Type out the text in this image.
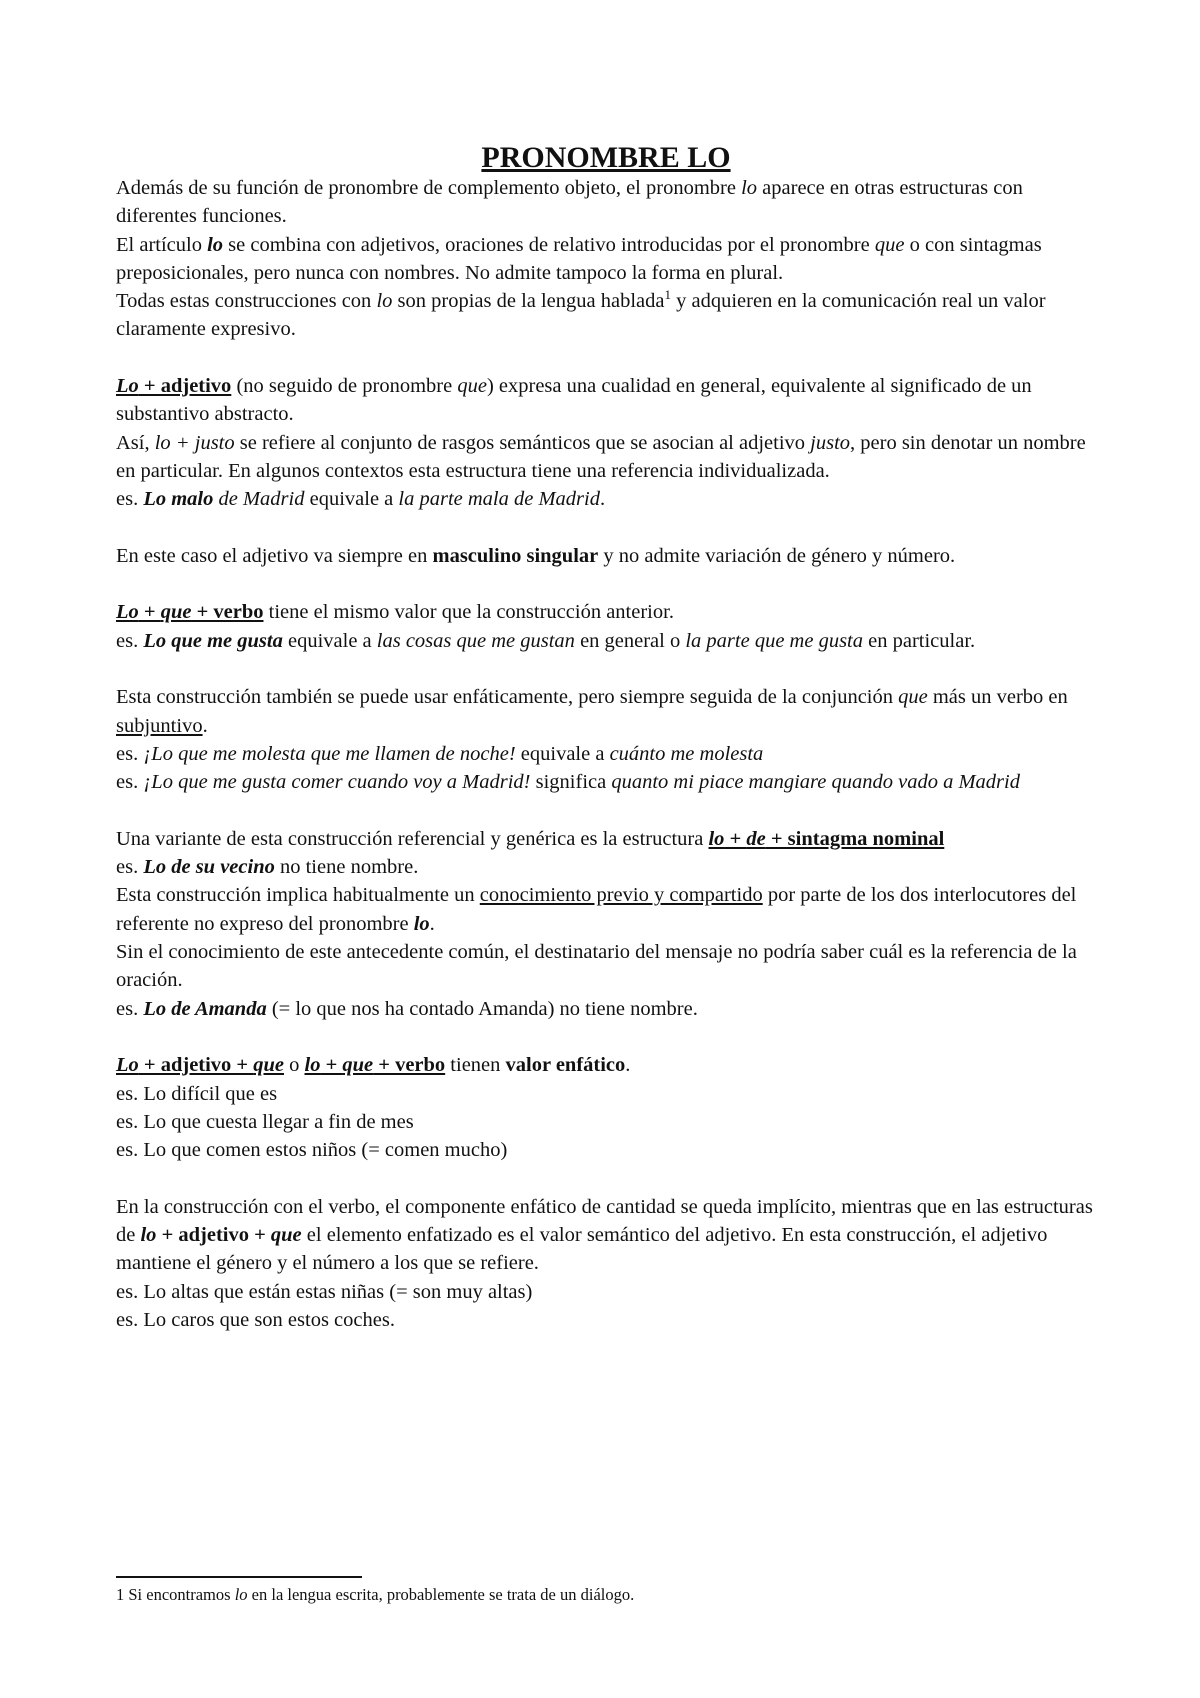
PRONOMBRE LO

Además de su función de pronombre de complemento objeto, el pronombre lo aparece en otras estructuras con diferentes funciones.

El artículo lo se combina con adjetivos, oraciones de relativo introducidas por el pronombre que o con sintagmas preposicionales, pero nunca con nombres. No admite tampoco la forma en plural.

Todas estas construcciones con lo son propias de la lengua hablada$^1$ y adquieren en la comunicación real un valor claramente expresivo.

Lo + adjetivo (no seguido de pronombre que) expresa una cualidad en general, equivalente al significado de un substantivo abstracto.

Así, lo + justo se refiere al conjunto de rasgos semánticos que se asocian al adjetivo justo, pero sin denotar un nombre en particular. En algunos contextos esta estructura tiene una referencia individualizada.

es. Lo malo de Madrid equivale a la parte mala de Madrid.

En este caso el adjetivo va siempre en masculino singular y no admite variación de género y número.

Lo + que + verbo tiene el mismo valor que la construcción anterior.

es. Lo que me gusta equivale a las cosas que me gustan en general o la parte que me gusta en particular.

Esta construcción también se puede usar enfáticamente, pero siempre seguida de la conjunción que más un verbo en subjuntivo.

es. ¡Lo que me molesta que me llamen de noche! equivale a cuánto me molesta

es. ¡Lo que me gusta comer cuando voy a Madrid! significa quanto mi piace mangiare quando vado a Madrid

Una variante de esta construcción referencial y genérica es la estructura lo + de + sintagma nominal

es. Lo de su vecino no tiene nombre.

Esta construcción implica habitualmente un conocimiento previo y compartido por parte de los dos interlocutores del referente no expreso del pronombre lo.

Sin el conocimiento de este antecedente común, el destinatario del mensaje no podría saber cuál es la referencia de la oración.

es. Lo de Amanda (= lo que nos ha contado Amanda) no tiene nombre.

Lo + adjetivo + que o lo + que + verbo tienen valor enfático.

es. Lo difícil que es

es. Lo que cuesta llegar a fin de mes

es. Lo que comen estos niños (= comen mucho)

En la construcción con el verbo, el componente enfático de cantidad se queda implícito, mientras que en las estructuras de lo + adjetivo + que el elemento enfatizado es el valor semántico del adjetivo. En esta construcción, el adjetivo mantiene el género y el número a los que se refiere.

es. Lo altas que están estas niñas (= son muy altas)

es. Lo caros que son estos coches.

1 Si encontramos lo en la lengua escrita, probablemente se trata de un diálogo.
